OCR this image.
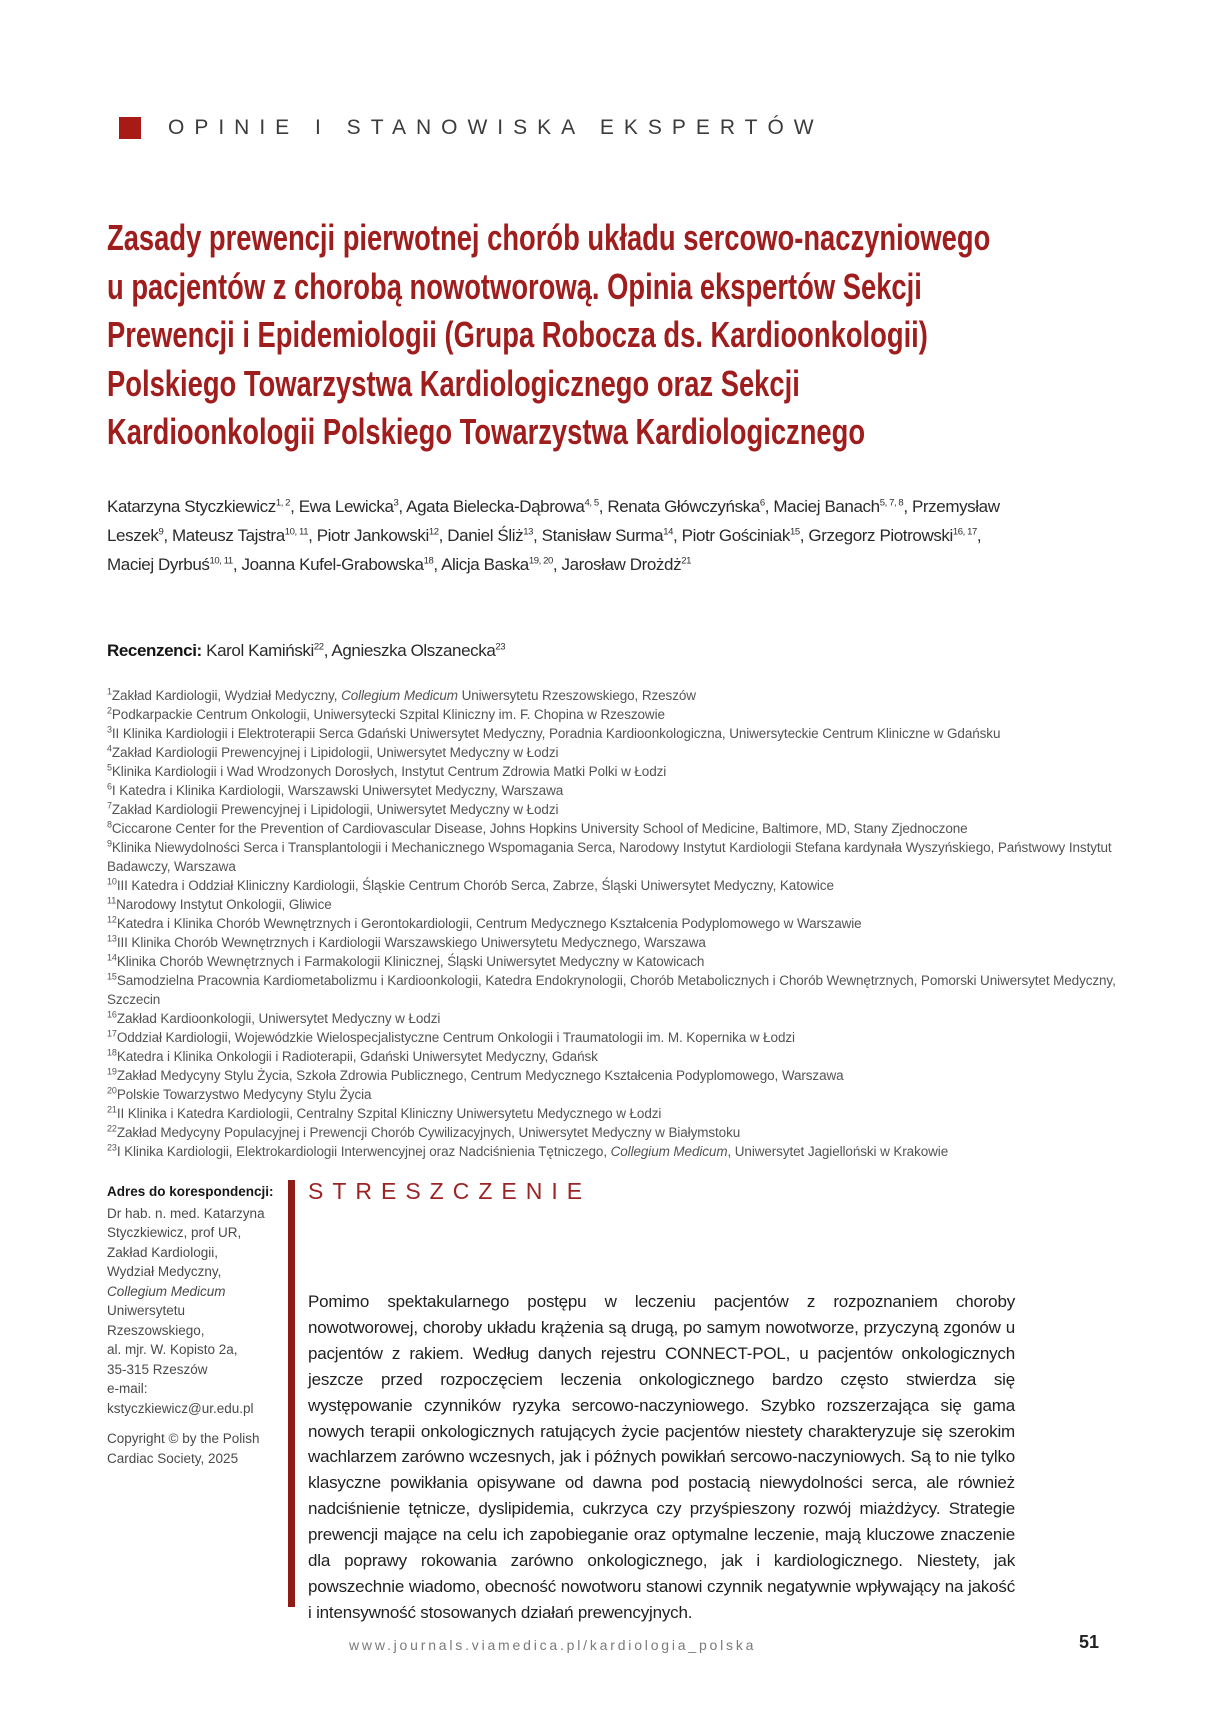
OPINIE I STANOWISKA EKSPERTÓW
Zasady prewencji pierwotnej chorób układu sercowo-naczyniowego
u pacjentów z chorobą nowotworową. Opinia ekspertów Sekcji
Prewencji i Epidemiologii (Grupa Robocza ds. Kardioonkologii)
Polskiego Towarzystwa Kardiologicznego oraz Sekcji
Kardioonkologii Polskiego Towarzystwa Kardiologicznego

Katarzyna Styczkiewicz$^{1, 2}$, Ewa Lewicka$^3$, Agata Bielecka-Dąbrowa$^{4, 5}$, Renata Główczyńska$^6$, Maciej Banach$^{5, 7, 8}$, Przemysław Leszek$^9$, Mateusz Tajstra$^{10, 11}$, Piotr Jankowski$^{12}$, Daniel Śliż$^{13}$, Stanisław Surma$^{14}$, Piotr Gościniak$^{15}$, Grzegorz Piotrowski$^{16, 17}$, Maciej Dyrbuś$^{10, 11}$, Joanna Kufel-Grabowska$^{18}$, Alicja Baska$^{19, 20}$, Jarosław Drożdż$^{21}$

Recenzenci: Karol Kamiński$^{22}$, Agnieszka Olszanecka$^{23}$

$^1$Zakład Kardiologii, Wydział Medyczny, Collegium Medicum Uniwersytetu Rzeszowskiego, Rzeszów
$^2$Podkarpackie Centrum Onkologii, Uniwersytecki Szpital Kliniczny im. F. Chopina w Rzeszowie
$^3$II Klinika Kardiologii i Elektroterapii Serca Gdański Uniwersytet Medyczny, Poradnia Kardioonkologiczna, Uniwersyteckie Centrum Kliniczne w Gdańsku
$^4$Zakład Kardiologii Prewencyjnej i Lipidologii, Uniwersytet Medyczny w Łodzi
$^5$Klinika Kardiologii i Wad Wrodzonych Dorosłych, Instytut Centrum Zdrowia Matki Polki w Łodzi
$^6$I Katedra i Klinika Kardiologii, Warszawski Uniwersytet Medyczny, Warszawa
$^7$Zakład Kardiologii Prewencyjnej i Lipidologii, Uniwersytet Medyczny w Łodzi
$^8$Ciccarone Center for the Prevention of Cardiovascular Disease, Johns Hopkins University School of Medicine, Baltimore, MD, Stany Zjednoczone
$^9$Klinika Niewydolności Serca i Transplantologii i Mechanicznego Wspomagania Serca, Narodowy Instytut Kardiologii Stefana kardynała Wyszyńskiego, Państwowy Instytut Badawczy, Warszawa
$^{10}$III Katedra i Oddział Kliniczny Kardiologii, Śląskie Centrum Chorób Serca, Zabrze, Śląski Uniwersytet Medyczny, Katowice
$^{11}$Narodowy Instytut Onkologii, Gliwice
$^{12}$Katedra i Klinika Chorób Wewnętrznych i Gerontokardiologii, Centrum Medycznego Kształcenia Podyplomowego w Warszawie
$^{13}$III Klinika Chorób Wewnętrznych i Kardiologii Warszawskiego Uniwersytetu Medycznego, Warszawa
$^{14}$Klinika Chorób Wewnętrznych i Farmakologii Klinicznej, Śląski Uniwersytet Medyczny w Katowicach
$^{15}$Samodzielna Pracownia Kardiometabolizmu i Kardioonkologii, Katedra Endokrynologii, Chorób Metabolicznych i Chorób Wewnętrznych, Pomorski Uniwersytet Medyczny, Szczecin
$^{16}$Zakład Kardioonkologii, Uniwersytet Medyczny w Łodzi
$^{17}$Oddział Kardiologii, Wojewódzkie Wielospecjalistyczne Centrum Onkologii i Traumatologii im. M. Kopernika w Łodzi
$^{18}$Katedra i Klinika Onkologii i Radioterapii, Gdański Uniwersytet Medyczny, Gdańsk
$^{19}$Zakład Medycyny Stylu Życia, Szkoła Zdrowia Publicznego, Centrum Medycznego Kształcenia Podyplomowego, Warszawa
$^{20}$Polskie Towarzystwo Medycyny Stylu Życia
$^{21}$II Klinika i Katedra Kardiologii, Centralny Szpital Kliniczny Uniwersytetu Medycznego w Łodzi
$^{22}$Zakład Medycyny Populacyjnej i Prewencji Chorób Cywilizacyjnych, Uniwersytet Medyczny w Białymstoku
$^{23}$I Klinika Kardiologii, Elektrokardiologii Interwencyjnej oraz Nadciśnienia Tętniczego, Collegium Medicum, Uniwersytet Jagielloński w Krakowie
Adres do korespondencji:
Dr hab. n. med. Katarzyna
Styczkiewicz, prof UR,
Zakład Kardiologii,
Wydział Medyczny,
Collegium Medicum
Uniwersytetu
Rzeszowskiego,
al. mjr. W. Kopisto 2a,
35-315 Rzeszów
e-mail:
kstyczkiewicz@ur.edu.pl
Copyright © by the Polish
Cardiac Society, 2025
STRESZCZENIE

Pomimo spektakularnego postępu w leczeniu pacjentów z rozpoznaniem choroby nowotworowej, choroby układu krążenia są drugą, po samym nowotworze, przyczyną zgonów u pacjentów z rakiem. Według danych rejestru CONNECT-POL, u pacjentów onkologicznych jeszcze przed rozpoczęciem leczenia onkologicznego bardzo często stwierdza się występowanie czynników ryzyka sercowo-naczyniowego. Szybko rozszerzająca się gama nowych terapii onkologicznych ratujących życie pacjentów niestety charakteryzuje się szerokim wachlarzem zarówno wczesnych, jak i późnych powikłań sercowo-naczyniowych. Są to nie tylko klasyczne powikłania opisywane od dawna pod postacią niewydolności serca, ale również nadciśnienie tętnicze, dyslipidemia, cukrzyca czy przyśpieszony rozwój miażdżycy. Strategie prewencji mające na celu ich zapobieganie oraz optymalne leczenie, mają kluczowe znaczenie dla poprawy rokowania zarówno onkologicznego, jak i kardiologicznego. Niestety, jak powszechnie wiadomo, obecność nowotworu stanowi czynnik negatywnie wpływający na jakość i intensywność stosowanych działań prewencyjnych.

www.journals.viamedica.pl/kardiologia_polska	51
